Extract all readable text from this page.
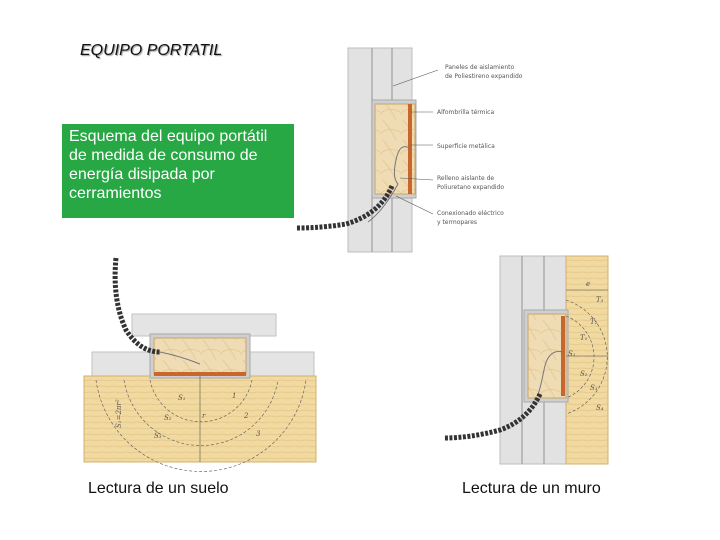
EQUIPO PORTATIL
Paneles de aislamiento
de Poliestireno expandido
Alfombrilla térmica
Superficie metálica
Relleno aislante de
Poliuretano expandido
Conexionado eléctrico
y termopares
S₁=2πr²
S₁
S₂
S₃
r
1
2
3
e
T₁
T₂
T₃
S₁
S₂
S₃
S₄
Esquema del equipo portátil de medida de consumo de energía disipada por cerramientos
Lectura de un suelo	Lectura de un muro
